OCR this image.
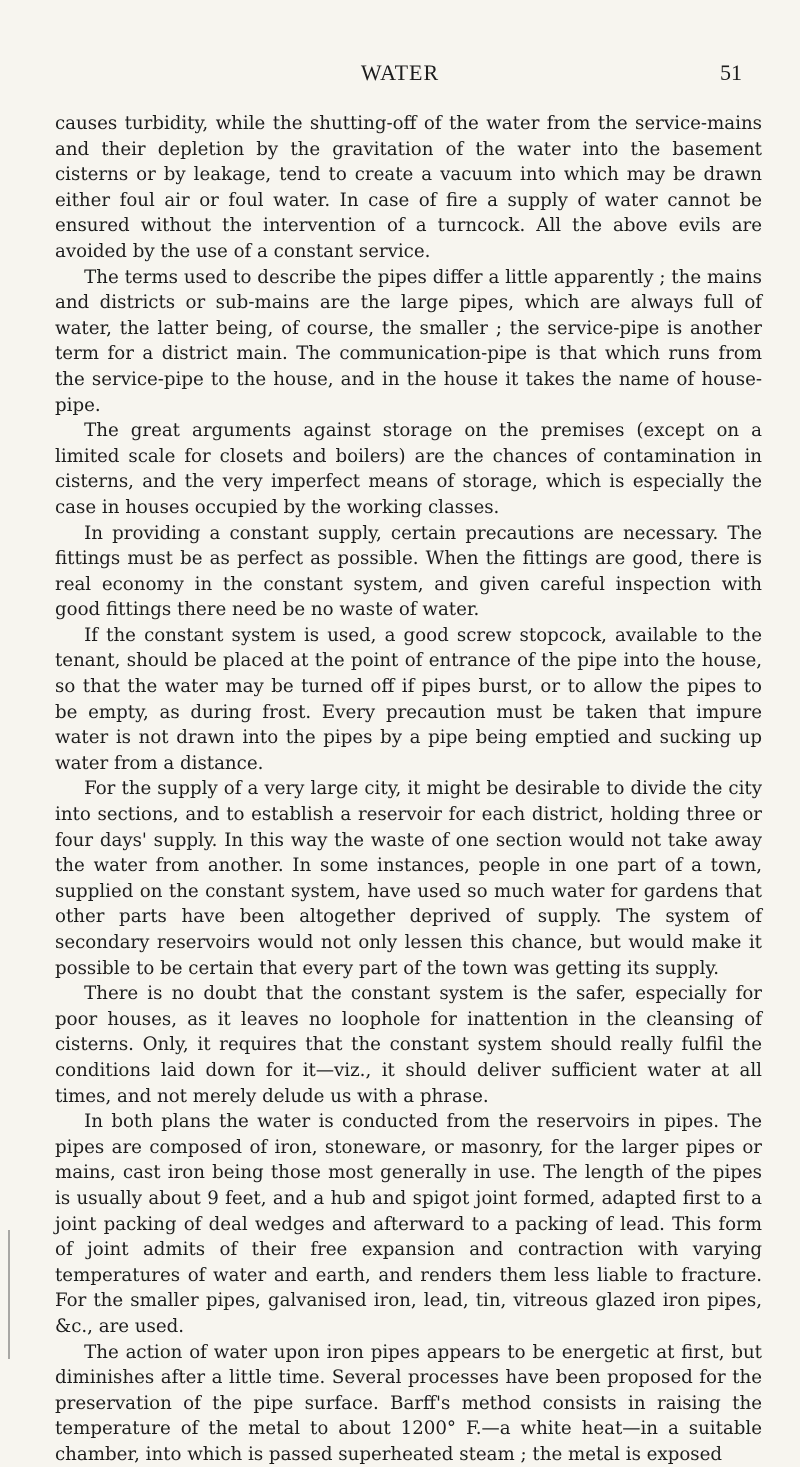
WATER	51

causes turbidity, while the shutting-off of the water from the service-mains and their depletion by the gravitation of the water into the basement cisterns or by leakage, tend to create a vacuum into which may be drawn either foul air or foul water. In case of fire a supply of water cannot be ensured without the intervention of a turncock. All the above evils are avoided by the use of a constant service.

The terms used to describe the pipes differ a little apparently ; the mains and districts or sub-mains are the large pipes, which are always full of water, the latter being, of course, the smaller ; the service-pipe is another term for a district main. The communication-pipe is that which runs from the service-pipe to the house, and in the house it takes the name of house-pipe.

The great arguments against storage on the premises (except on a limited scale for closets and boilers) are the chances of contamination in cisterns, and the very imperfect means of storage, which is especially the case in houses occupied by the working classes.

In providing a constant supply, certain precautions are necessary. The fittings must be as perfect as possible. When the fittings are good, there is real economy in the constant system, and given careful inspection with good fittings there need be no waste of water.

If the constant system is used, a good screw stopcock, available to the tenant, should be placed at the point of entrance of the pipe into the house, so that the water may be turned off if pipes burst, or to allow the pipes to be empty, as during frost. Every precaution must be taken that impure water is not drawn into the pipes by a pipe being emptied and sucking up water from a distance.

For the supply of a very large city, it might be desirable to divide the city into sections, and to establish a reservoir for each district, holding three or four days' supply. In this way the waste of one section would not take away the water from another. In some instances, people in one part of a town, supplied on the constant system, have used so much water for gardens that other parts have been altogether deprived of supply. The system of secondary reservoirs would not only lessen this chance, but would make it possible to be certain that every part of the town was getting its supply.

There is no doubt that the constant system is the safer, especially for poor houses, as it leaves no loophole for inattention in the cleansing of cisterns. Only, it requires that the constant system should really fulfil the conditions laid down for it—viz., it should deliver sufficient water at all times, and not merely delude us with a phrase.

In both plans the water is conducted from the reservoirs in pipes. The pipes are composed of iron, stoneware, or masonry, for the larger pipes or mains, cast iron being those most generally in use. The length of the pipes is usually about 9 feet, and a hub and spigot joint formed, adapted first to a joint packing of deal wedges and afterward to a packing of lead. This form of joint admits of their free expansion and contraction with varying temperatures of water and earth, and renders them less liable to fracture. For the smaller pipes, galvanised iron, lead, tin, vitreous glazed iron pipes, &c., are used.

The action of water upon iron pipes appears to be energetic at first, but diminishes after a little time. Several processes have been proposed for the preservation of the pipe surface. Barff's method consists in raising the temperature of the metal to about 1200° F.—a white heat—in a suitable chamber, into which is passed superheated steam ; the metal is exposed
